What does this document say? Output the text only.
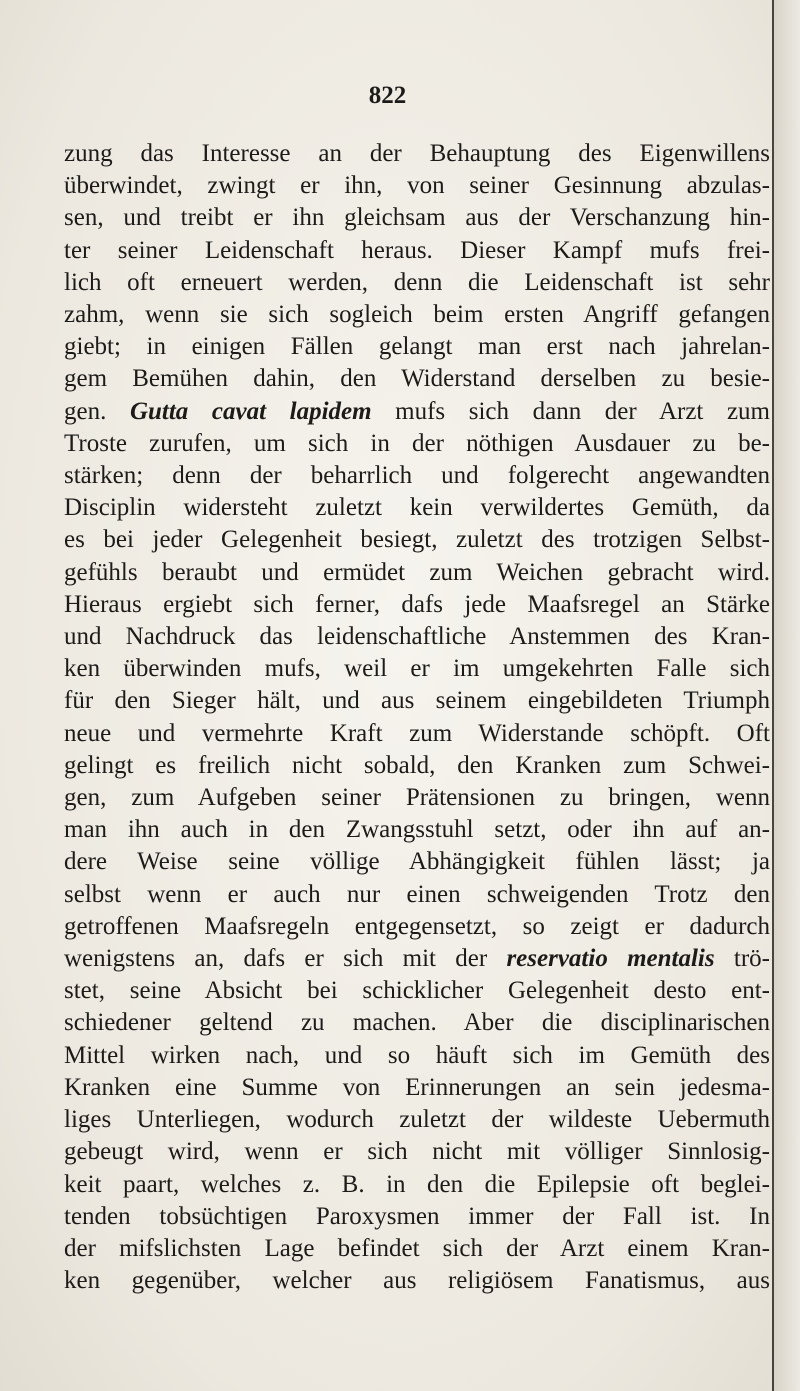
822
zung das Interesse an der Behauptung des Eigenwillens
überwindet, zwingt er ihn, von seiner Gesinnung abzulas-
sen, und treibt er ihn gleichsam aus der Verschanzung hin-
ter seiner Leidenschaft heraus. Dieser Kampf mufs frei-
lich oft erneuert werden, denn die Leidenschaft ist sehr
zahm, wenn sie sich sogleich beim ersten Angriff gefangen
giebt; in einigen Fällen gelangt man erst nach jahrelan-
gem Bemühen dahin, den Widerstand derselben zu besie-
gen. Gutta cavat lapidem mufs sich dann der Arzt zum
Troste zurufen, um sich in der nöthigen Ausdauer zu be-
stärken; denn der beharrlich und folgerecht angewandten
Disciplin widersteht zuletzt kein verwildertes Gemüth, da
es bei jeder Gelegenheit besiegt, zuletzt des trotzigen Selbst-
gefühls beraubt und ermüdet zum Weichen gebracht wird.
Hieraus ergiebt sich ferner, dafs jede Maafsregel an Stärke
und Nachdruck das leidenschaftliche Anstemmen des Kran-
ken überwinden mufs, weil er im umgekehrten Falle sich
für den Sieger hält, und aus seinem eingebildeten Triumph
neue und vermehrte Kraft zum Widerstande schöpft. Oft
gelingt es freilich nicht sobald, den Kranken zum Schwei-
gen, zum Aufgeben seiner Prätensionen zu bringen, wenn
man ihn auch in den Zwangsstuhl setzt, oder ihn auf an-
dere Weise seine völlige Abhängigkeit fühlen lässt; ja
selbst wenn er auch nur einen schweigenden Trotz den
getroffenen Maafsregeln entgegensetzt, so zeigt er dadurch
wenigstens an, dafs er sich mit der reservatio mentalis trö-
stet, seine Absicht bei schicklicher Gelegenheit desto ent-
schiedener geltend zu machen. Aber die disciplinarischen
Mittel wirken nach, und so häuft sich im Gemüth des
Kranken eine Summe von Erinnerungen an sein jedesma-
liges Unterliegen, wodurch zuletzt der wildeste Uebermuth
gebeugt wird, wenn er sich nicht mit völliger Sinnlosig-
keit paart, welches z. B. in den die Epilepsie oft beglei-
tenden tobsüchtigen Paroxysmen immer der Fall ist. In
der mifslichsten Lage befindet sich der Arzt einem Kran-
ken gegenüber, welcher aus religiösem Fanatismus, aus
